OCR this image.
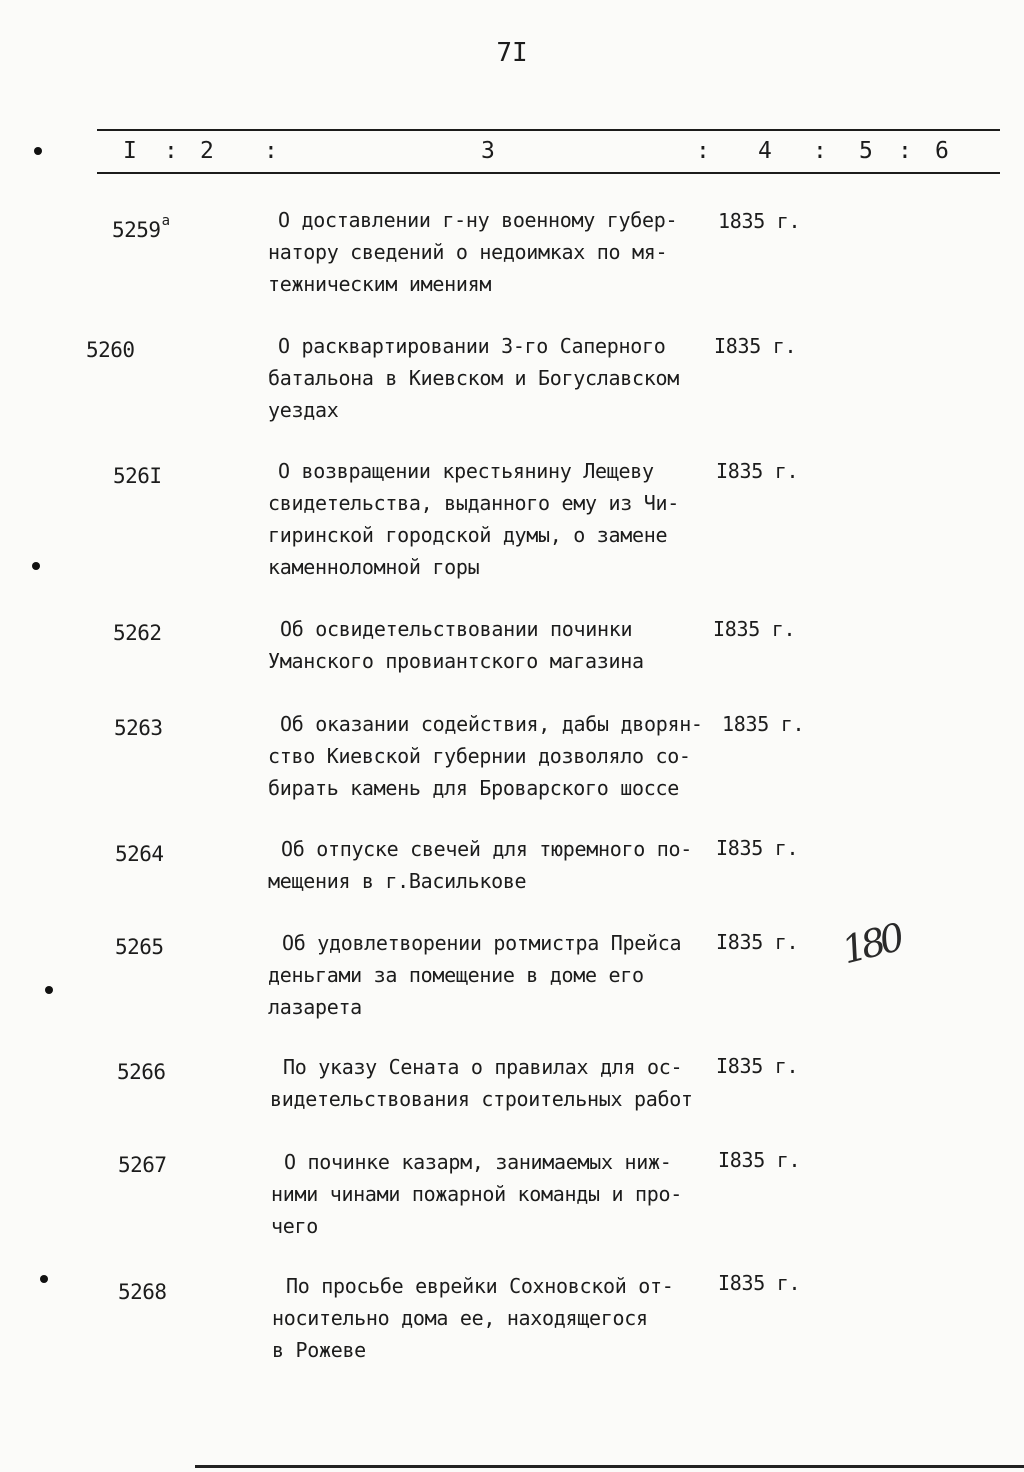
7I
I : 2 :	3	: 4 : 5 : 6
$5259^а$	О доставлении г-ну военному губер-
натору сведений о недоимках по мя-
тежническим имениям
1835 г.
5260	О расквартировании 3-го Саперного
батальона в Киевском и Богуславском
уездах
I835 г.
526I	О возвращении крестьянину Лещеву
свидетельства, выданного ему из Чи-
гиринской городской думы, о замене
каменноломной горы
I835 г.
5262	Об освидетельствовании починки
Уманского провиантского магазина
I835 г.
5263	Об оказании содействия, дабы дворян-
ство Киевской губернии дозволяло со-
бирать камень для Броварского шоссе
1835 г.
5264	Об отпуске свечей для тюремного по-
мещения в г.Василькове
I835 г.
5265	Об удовлетворении ротмистра Прейса
деньгами за помещение в доме его
лазарета
I835 г.
5266	По указу Сената о правилах для ос-
видетельствования строительных работ
I835 г.
5267	О починке казарм, занимаемых ниж-
ними чинами пожарной команды и про-
чего
I835 г.
5268	По просьбе еврейки Сохновской от-
носительно дома ее, находящегося
в Рожеве
I835 г.
180
